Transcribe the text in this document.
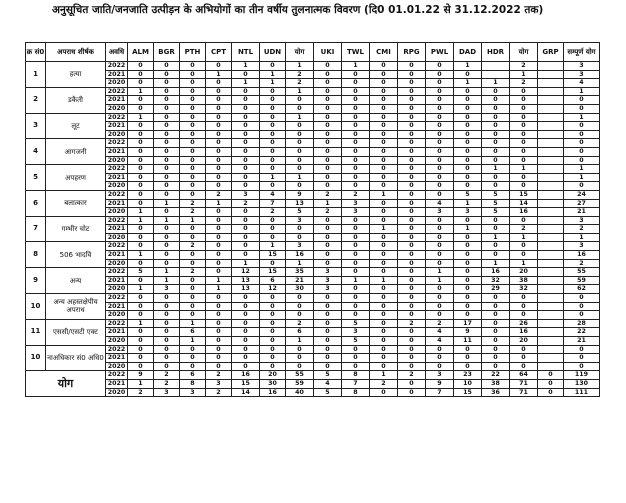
अनुसूचित जाति/जनजाति उत्पीड़न के अभियोगों का तीन वर्षीय तुलनात्मक विवरण (दि0 01.01.22 से 31.12.2022 तक)
क्र सं0	अपराध शीर्षक	अवधि	ALM	BGR	PTH	CPT	NTL	UDN	योग	UKI	TWL	CMI	RPG	PWL	DAD	HDR	योग	GRP	सम्पूर्ण योग
1	हत्या	2022	0	0	0	0	1	0	1	0	1	0	0	0	1		2		3
		2021	0	0	0	1	0	1	2	0	0	0	0	0	0		1		3
		2020	0	0	0	0	1	1	2	0	0	0	0	0	1	1	2		4
2	डकैती	2022	1	0	0	0	0	0	1	0	0	0	0	0	0	0	0		1
		2021	0	0	0	0	0	0	0	0	0	0	0	0	0	0	0		0
		2020	0	0	0	0	0	0	0	0	0	0	0	0	0	0	0		0
3	लूट	2022	1	0	0	0	0	0	1	0	0	0	0	0	0	0	0		1
		2021	0	0	0	0	0	0	0	0	0	0	0	0	0	0	0		0
		2020	0	0	0	0	0	0	0	0	0	0	0	0	0	0	0		0
4	आगजनी	2022	0	0	0	0	0	0	0	0	0	0	0	0	0	0	0		0
		2021	0	0	0	0	0	0	0	0	0	0	0	0	0	0	0		0
		2020	0	0	0	0	0	0	0	0	0	0	0	0	0	0	0		0
5	अपहरण	2022	0	0	0	0	0	0	0	0	0	0	0	0	0	1	1		1
		2021	0	0	0	0	0	1	1	0	0	0	0	0	0	0	0		1
		2020	0	0	0	0	0	0	0	0	0	0	0	0	0	0	0		0
6	बलात्कार	2022	0	0	0	2	3	4	9	2	2	1	0	0	5	5	15		24
		2021	0	1	2	1	2	7	13	1	3	0	0	4	1	5	14		27
		2020	1	0	2	0	0	2	5	2	3	0	0	3	3	5	16		21
7	गम्भीर चोट	2022	1	1	1	0	0	0	3	0	0	0	0	0	0	0	0		3
		2021	0	0	0	0	0	0	0	0	0	1	0	0	1	0	2		2
		2020	0	0	0	0	0	0	0	0	0	0	0	0	0	1	1		1
8	506 भादवि	2022	0	0	2	0	0	1	3	0	0	0	0	0	0	0	0		3
		2021	1	0	0	0	0	15	16	0	0	0	0	0	0	0	0		16
		2020	0	0	0	0	1	0	1	0	0	0	0	0	0	1	1		2
9	अन्य	2022	5	1	2	0	12	15	35	3	0	0	0	1	0	16	20		55
		2021	0	1	0	1	13	6	21	3	1	1	0	1	0	32	38		59
		2020	1	3	0	1	13	12	30	3	0	0	0	0	0	29	32		62
10	अन्य अहस्तक्षेपीय अपराध	2022	0	0	0	0	0	0	0	0	0	0	0	0	0	0	0		0
		2021	0	0	0	0	0	0	0	0	0	0	0	0	0	0	0		0
		2020	0	0	0	0	0	0	0	0	0	0	0	0	0	0	0		0
11	एससी/एसटी एक्ट	2022	1	0	1	0	0	0	2	0	5	0	2	2	17	0	26		28
		2021	0	0	6	0	0	0	6	0	3	0	0	4	9	0	16		22
		2020	0	0	1	0	0	0	1	0	5	0	0	4	11	0	20		21
10	नाअधिकार सं0 अधि0	2022	0	0	0	0	0	0	0	0	0	0	0	0	0	0	0		0
		2021	0	0	0	0	0	0	0	0	0	0	0	0	0	0	0		0
		2020	0	0	0	0	0	0	0	0	0	0	0	0	0	0	0		0
योग		2022	9	2	6	2	16	20	55	5	8	1	2	3	23	22	64	0	119
		2021	1	2	8	3	15	30	59	4	7	2	0	9	10	38	71	0	130
		2020	2	3	3	2	14	16	40	5	8	0	0	7	15	36	71	0	111
